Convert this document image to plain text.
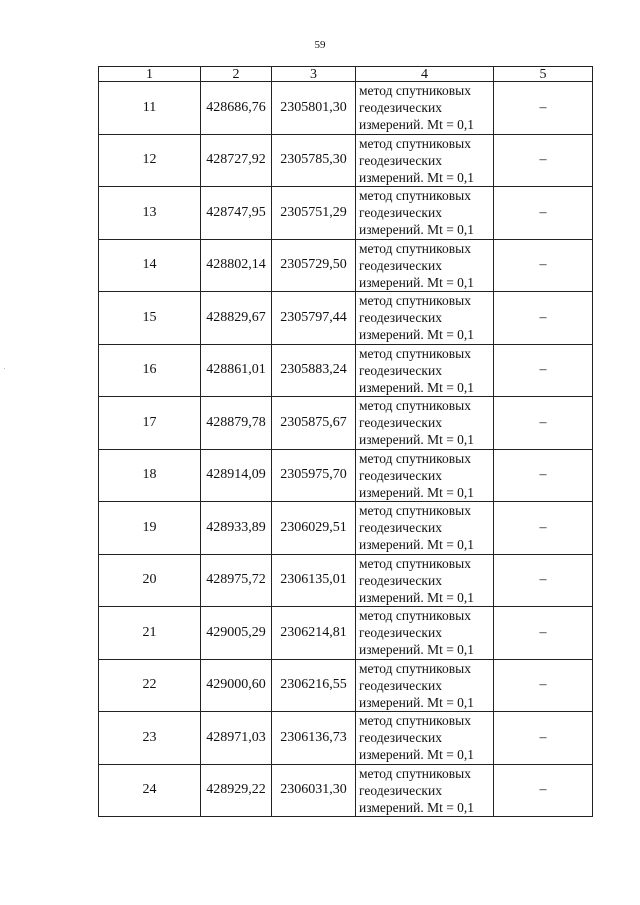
59
1	2	3	4	5
11	428686,76	2305801,30	метод спутниковых
геодезических
измерений. Mt = 0,1	–
12	428727,92	2305785,30	метод спутниковых
геодезических
измерений. Mt = 0,1	–
13	428747,95	2305751,29	метод спутниковых
геодезических
измерений. Mt = 0,1	–
14	428802,14	2305729,50	метод спутниковых
геодезических
измерений. Mt = 0,1	–
15	428829,67	2305797,44	метод спутниковых
геодезических
измерений. Mt = 0,1	–
16	428861,01	2305883,24	метод спутниковых
геодезических
измерений. Mt = 0,1	–
17	428879,78	2305875,67	метод спутниковых
геодезических
измерений. Mt = 0,1	–
18	428914,09	2305975,70	метод спутниковых
геодезических
измерений. Mt = 0,1	–
19	428933,89	2306029,51	метод спутниковых
геодезических
измерений. Mt = 0,1	–
20	428975,72	2306135,01	метод спутниковых
геодезических
измерений. Mt = 0,1	–
21	429005,29	2306214,81	метод спутниковых
геодезических
измерений. Mt = 0,1	–
22	429000,60	2306216,55	метод спутниковых
геодезических
измерений. Mt = 0,1	–
23	428971,03	2306136,73	метод спутниковых
геодезических
измерений. Mt = 0,1	–
24	428929,22	2306031,30	метод спутниковых
геодезических
измерений. Mt = 0,1	–
